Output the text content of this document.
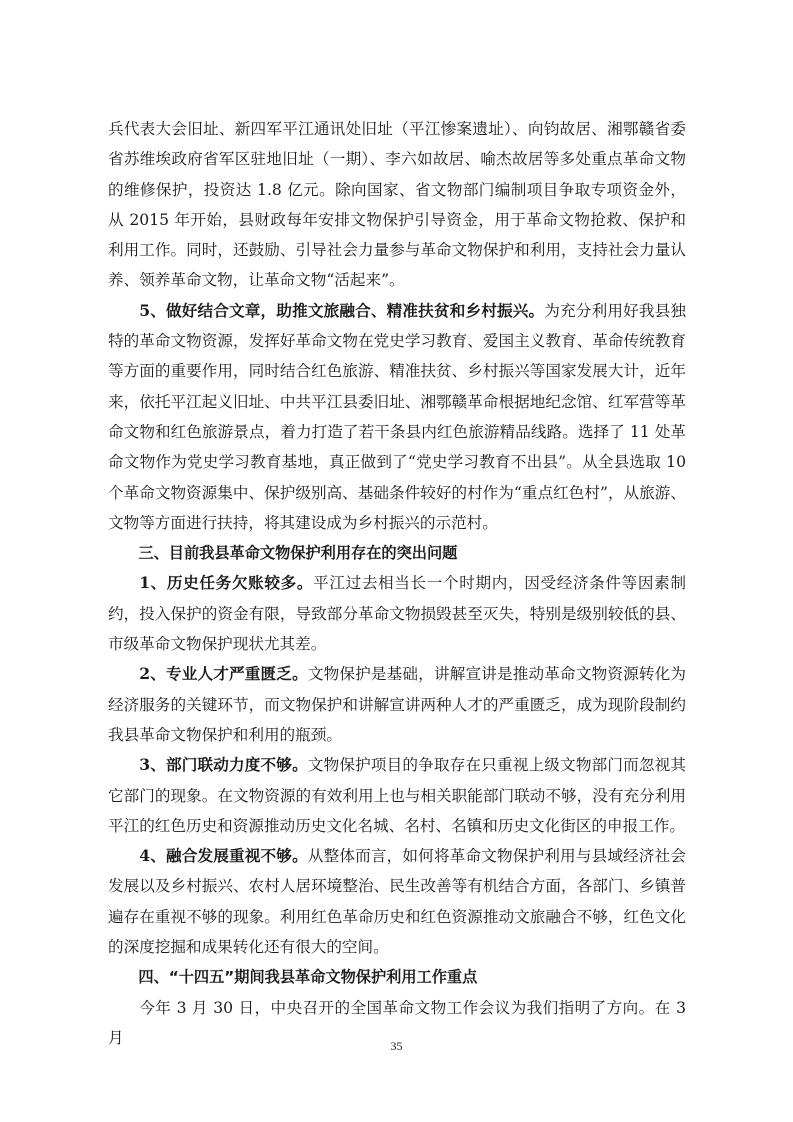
兵代表大会旧址、新四军平江通讯处旧址（平江惨案遗址）、向钧故居、湘鄂赣省委省苏维埃政府省军区驻地旧址（一期）、李六如故居、喻杰故居等多处重点革命文物的维修保护，投资达 1.8 亿元。除向国家、省文物部门编制项目争取专项资金外，从 2015 年开始，县财政每年安排文物保护引导资金，用于革命文物抢救、保护和利用工作。同时，还鼓励、引导社会力量参与革命文物保护和利用，支持社会力量认养、领养革命文物，让革命文物“活起来”。

5、做好结合文章，助推文旅融合、精准扶贫和乡村振兴。为充分利用好我县独特的革命文物资源，发挥好革命文物在党史学习教育、爱国主义教育、革命传统教育等方面的重要作用，同时结合红色旅游、精准扶贫、乡村振兴等国家发展大计，近年来，依托平江起义旧址、中共平江县委旧址、湘鄂赣革命根据地纪念馆、红军营等革命文物和红色旅游景点，着力打造了若干条县内红色旅游精品线路。选择了 11 处革命文物作为党史学习教育基地，真正做到了“党史学习教育不出县”。从全县选取 10 个革命文物资源集中、保护级别高、基础条件较好的村作为“重点红色村”，从旅游、文物等方面进行扶持，将其建设成为乡村振兴的示范村。

三、目前我县革命文物保护利用存在的突出问题

1、历史任务欠账较多。平江过去相当长一个时期内，因受经济条件等因素制约，投入保护的资金有限，导致部分革命文物损毁甚至灭失，特别是级别较低的县、市级革命文物保护现状尤其差。

2、专业人才严重匮乏。文物保护是基础，讲解宣讲是推动革命文物资源转化为经济服务的关键环节，而文物保护和讲解宣讲两种人才的严重匮乏，成为现阶段制约我县革命文物保护和利用的瓶颈。

3、部门联动力度不够。文物保护项目的争取存在只重视上级文物部门而忽视其它部门的现象。在文物资源的有效利用上也与相关职能部门联动不够，没有充分利用平江的红色历史和资源推动历史文化名城、名村、名镇和历史文化街区的申报工作。

4、融合发展重视不够。从整体而言，如何将革命文物保护利用与县域经济社会发展以及乡村振兴、农村人居环境整治、民生改善等有机结合方面，各部门、乡镇普遍存在重视不够的现象。利用红色革命历史和红色资源推动文旅融合不够，红色文化的深度挖掘和成果转化还有很大的空间。

四、“十四五”期间我县革命文物保护利用工作重点

今年 3 月 30 日，中央召开的全国革命文物工作会议为我们指明了方向。在 3 月	35
